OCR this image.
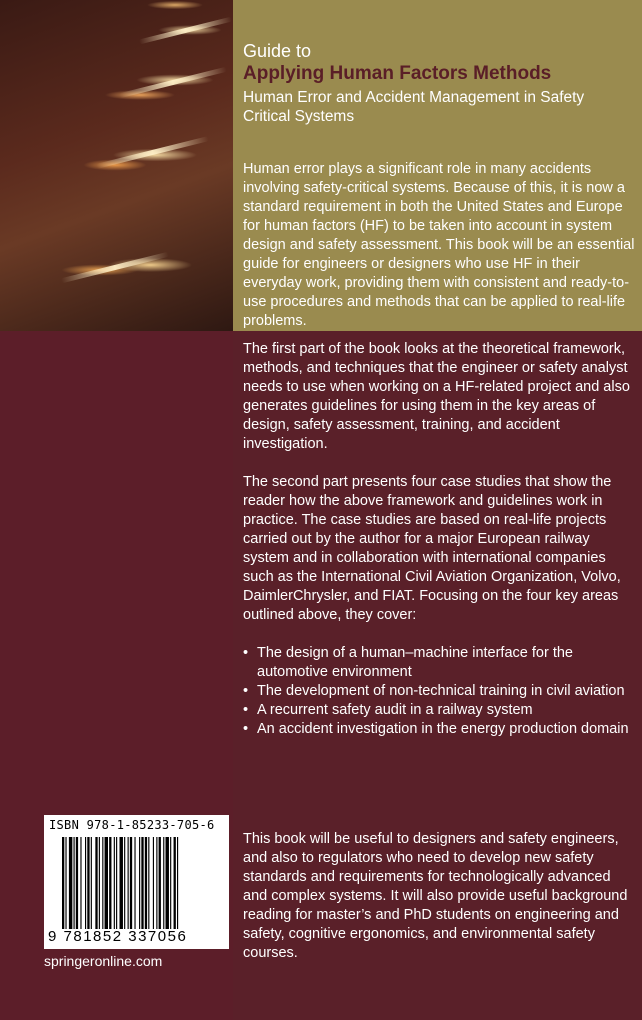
Guide to
Applying Human Factors Methods
Human Error and Accident Management in Safety Critical Systems
Human error plays a significant role in many accidents involving safety-critical systems. Because of this, it is now a standard requirement in both the United States and Europe for human factors (HF) to be taken into account in system design and safety assessment. This book will be an essential guide for engineers or designers who use HF in their everyday work, providing them with consistent and ready-to-use procedures and methods that can be applied to real-life problems.

The first part of the book looks at the theoretical framework, methods, and techniques that the engineer or safety analyst needs to use when working on a HF-related project and also generates guidelines for using them in the key areas of design, safety assessment, training, and accident investigation.

The second part presents four case studies that show the reader how the above framework and guidelines work in practice. The case studies are based on real-life projects carried out by the author for a major European railway system and in collaboration with international companies such as the International Civil Aviation Organization, Volvo, DaimlerChrysler, and FIAT. Focusing on the four key areas outlined above, they cover:

• The design of a human–machine interface for the automotive environment
• The development of non-technical training in civil aviation
• A recurrent safety audit in a railway system
• An accident investigation in the energy production domain
This book will be useful to designers and safety engineers, and also to regulators who need to develop new safety standards and requirements for technologically advanced and complex systems. It will also provide useful background reading for master’s and PhD students on engineering and safety, cognitive ergonomics, and environmental safety courses.
ISBN 978-1-85233-705-6
9 781852 337056
springeronline.com
